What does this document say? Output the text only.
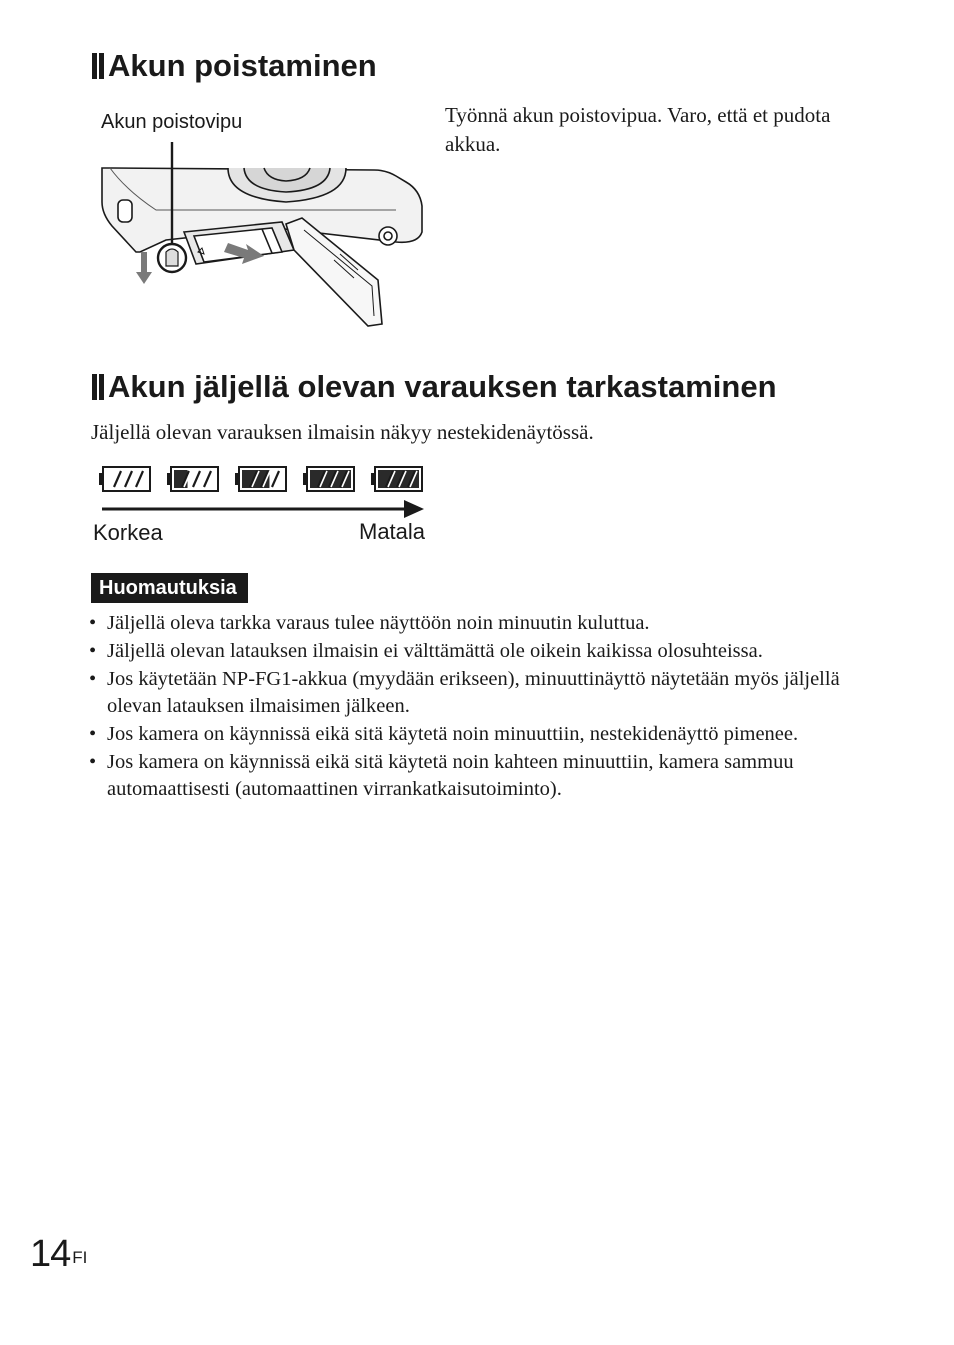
Akun poistaminen
Akun poistovipu	Työnnä akun poistovipua. Varo, että et pudota akkua.

Akun jäljellä olevan varauksen tarkastaminen

Jäljellä olevan varauksen ilmaisin näkyy nestekidenäytössä.

Korkea	Matala
Huomautuksia
• Jäljellä oleva tarkka varaus tulee näyttöön noin minuutin kuluttua.
• Jäljellä olevan latauksen ilmaisin ei välttämättä ole oikein kaikissa olosuhteissa.
• Jos käytetään NP-FG1-akkua (myydään erikseen), minuuttinäyttö näytetään myös jäljellä olevan latauksen ilmaisimen jälkeen.
• Jos kamera on käynnissä eikä sitä käytetä noin minuuttiin, nestekidenäyttö pimenee.
• Jos kamera on käynnissä eikä sitä käytetä noin kahteen minuuttiin, kamera sammuu automaattisesti (automaattinen virrankatkaisutoiminto).
14 $^{FI}$
